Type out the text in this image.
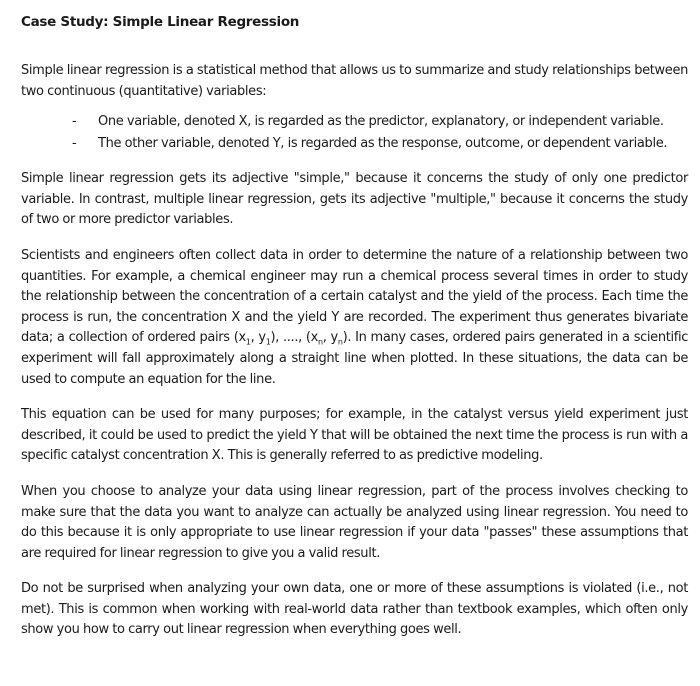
Case Study: Simple Linear Regression

Simple linear regression is a statistical method that allows us to summarize and study relationships between two continuous (quantitative) variables:

- One variable, denoted X, is regarded as the predictor, explanatory, or independent variable.
- The other variable, denoted Y, is regarded as the response, outcome, or dependent variable.

Simple linear regression gets its adjective "simple," because it concerns the study of only one predictor variable. In contrast, multiple linear regression, gets its adjective "multiple," because it concerns the study of two or more predictor variables.

Scientists and engineers often collect data in order to determine the nature of a relationship between two quantities. For example, a chemical engineer may run a chemical process several times in order to study the relationship between the concentration of a certain catalyst and the yield of the process. Each time the process is run, the concentration X and the yield Y are recorded. The experiment thus generates bivariate data; a collection of ordered pairs ($x_1$, $y_1$), ...., ($x_n$, $y_n$). In many cases, ordered pairs generated in a scientific experiment will fall approximately along a straight line when plotted. In these situations, the data can be used to compute an equation for the line.

This equation can be used for many purposes; for example, in the catalyst versus yield experiment just described, it could be used to predict the yield Y that will be obtained the next time the process is run with a specific catalyst concentration X. This is generally referred to as predictive modeling.

When you choose to analyze your data using linear regression, part of the process involves checking to make sure that the data you want to analyze can actually be analyzed using linear regression. You need to do this because it is only appropriate to use linear regression if your data "passes" these assumptions that are required for linear regression to give you a valid result.

Do not be surprised when analyzing your own data, one or more of these assumptions is violated (i.e., not met). This is common when working with real-world data rather than textbook examples, which often only show you how to carry out linear regression when everything goes well.
